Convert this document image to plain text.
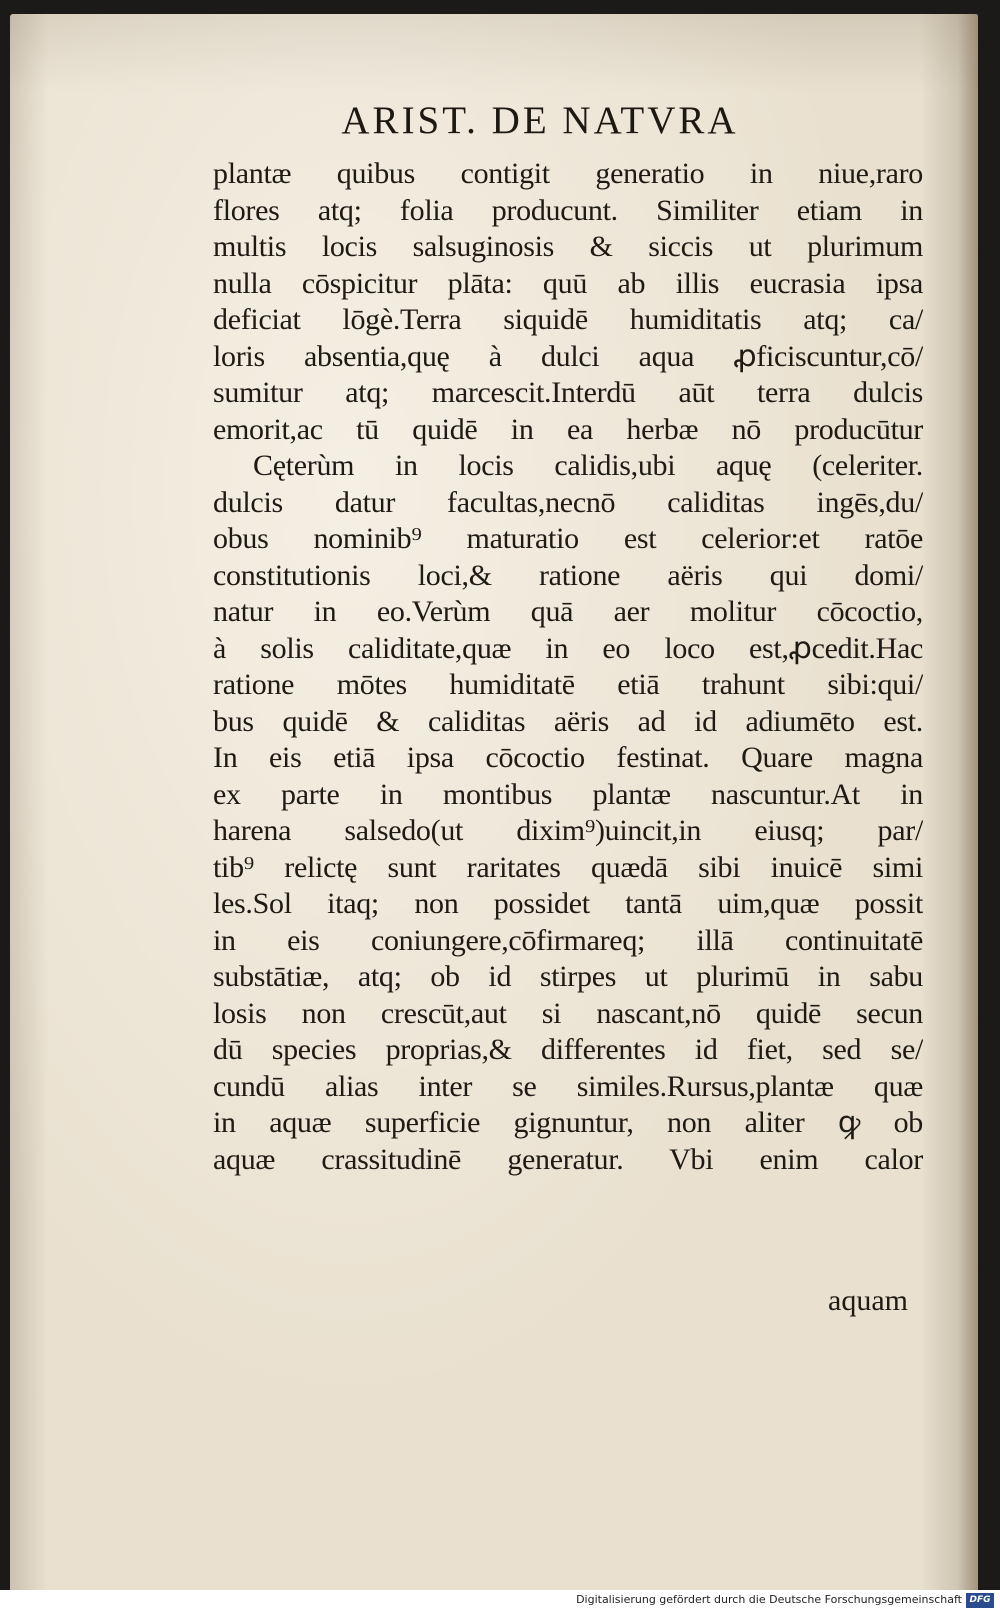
ARIST. DE NATVRA
plantæ quibus contigit generatio in niue,raro
flores atq; folia producunt. Similiter etiam in
multis locis salsuginosis & siccis ut plurimum
nulla cōspicitur plāta: quū ab illis eucrasia ipsa
deficiat lōgè.Terra siquidē humiditatis atq; ca/
loris absentia,quę à dulci aqua ꝓficiscuntur,cō/
sumitur atq; marcescit.Interdū aūt terra dulcis
emorit,ac tū quidē in ea herbæ nō producūtur
Cęterùm in locis calidis,ubi aquę (celeriter.
dulcis datur facultas,necnō caliditas ingēs,du/
obus nominib⁹ maturatio est celerior:et ratōe
constitutionis loci,& ratione aëris qui domi/
natur in eo.Verùm quā aer molitur cōcoctio,
à solis caliditate,quæ in eo loco est,ꝓcedit.Hac
ratione mōtes humiditatē etiā trahunt sibi:qui/
bus quidē & caliditas aëris ad id adiumēto est.
In eis etiā ipsa cōcoctio festinat. Quare magna
ex parte in montibus plantæ nascuntur.At in
harena salsedo(ut dixim⁹)uincit,in eiusq; par/
tib⁹ relictę sunt raritates quædā sibi inuicē simi
les.Sol itaq; non possidet tantā uim,quæ possit
in eis coniungere,cōfirmareq; illā continuitatē
substātiæ, atq; ob id stirpes ut plurimū in sabu
losis non crescūt,aut si nascant,nō quidē secun
dū species proprias,& differentes id fiet, sed se/
cundū alias inter se similes.Rursus,plantæ quæ
in aquæ superficie gignuntur, non aliter ꝙ ob
aquæ crassitudinē generatur. Vbi enim calor
aquam
Digitalisierung gefördert durch die Deutsche Forschungsgemeinschaft DFG
